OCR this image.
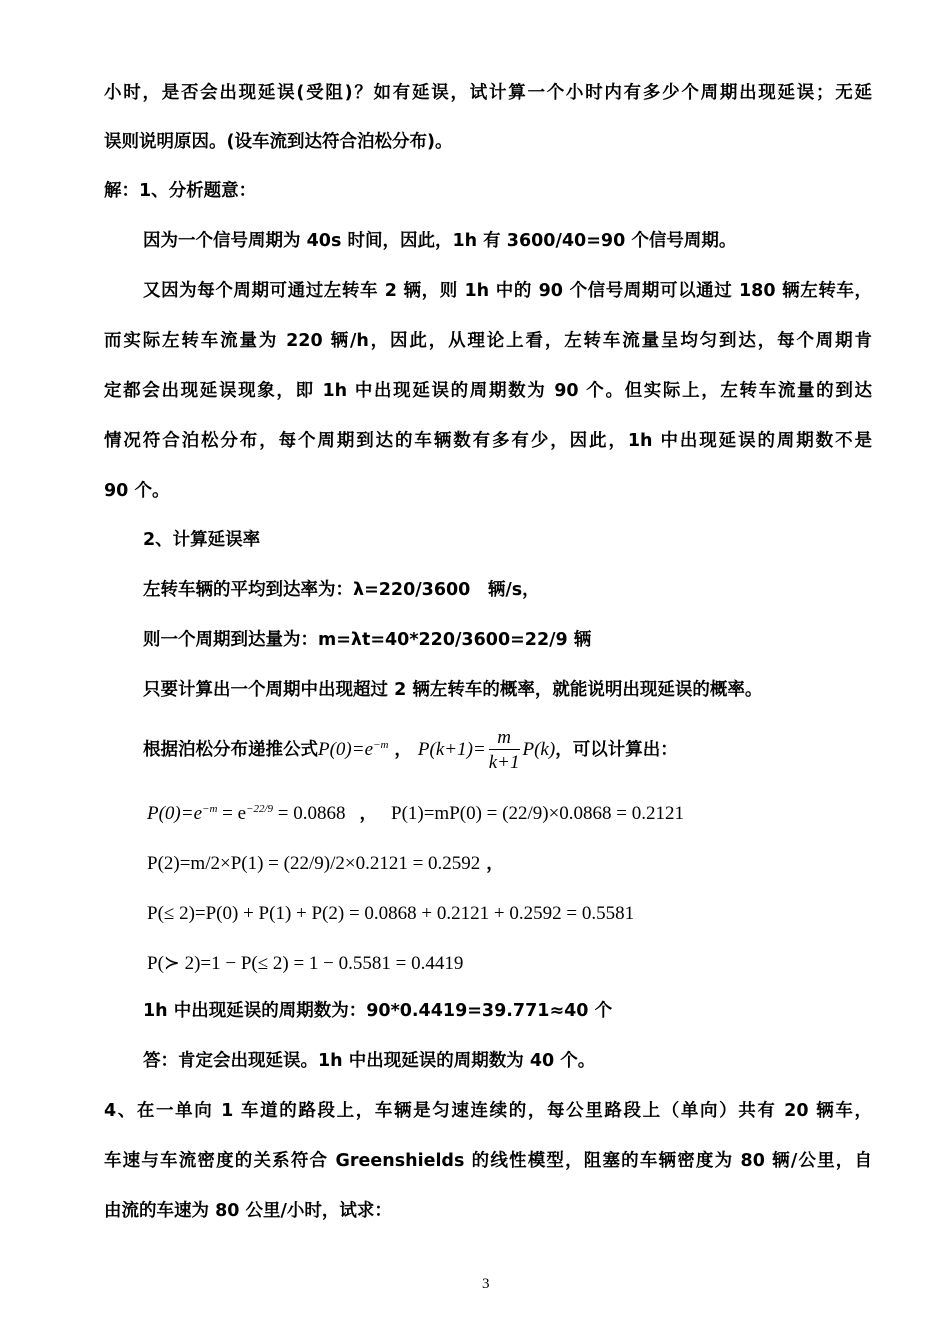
小时，是否会出现延误(受阻)？如有延误，试计算一个小时内有多少个周期出现延误；无延
误则说明原因。(设车流到达符合泊松分布)。
解：1、分析题意：
因为一个信号周期为 40s 时间，因此，1h 有 3600/40=90 个信号周期。
又因为每个周期可通过左转车 2 辆，则 1h 中的 90 个信号周期可以通过 180 辆左转车，
而实际左转车流量为 220 辆/h，因此，从理论上看，左转车流量呈均匀到达，每个周期肯
定都会出现延误现象，即 1h 中出现延误的周期数为 90 个。但实际上，左转车流量的到达
情况符合泊松分布，每个周期到达的车辆数有多有少，因此，1h 中出现延误的周期数不是
90 个。
2、计算延误率
左转车辆的平均到达率为：λ=220/3600　辆/s，
则一个周期到达量为：m=λt=40*220/3600=22/9 辆
只要计算出一个周期中出现超过 2 辆左转车的概率，就能说明出现延误的概率。
根据泊松分布递推公式$P(0)=e^{-m}$ ， $P(k+1)= \frac{m}{k+1} P(k)$，可以计算出：
$P(0)=e^{-m} = e^{-22/9} = 0.0868$ ， P(1)=mP(0) = (22/9)×0.0868 = 0.2121
P(2)=m/2×P(1) = (22/9)/2×0.2121 = 0.2592 ，
P(≤ 2)=P(0) + P(1) + P(2) = 0.0868 + 0.2121 + 0.2592 = 0.5581
P(≻ 2)=1 − P(≤ 2) = 1 − 0.5581 = 0.4419
1h 中出现延误的周期数为：90*0.4419=39.771≈40 个
答：肯定会出现延误。1h 中出现延误的周期数为 40 个。
4、在一单向 1 车道的路段上，车辆是匀速连续的，每公里路段上（单向）共有 20 辆车，
车速与车流密度的关系符合 Greenshields 的线性模型，阻塞的车辆密度为 80 辆/公里，自
由流的车速为 80 公里/小时，试求：
3
